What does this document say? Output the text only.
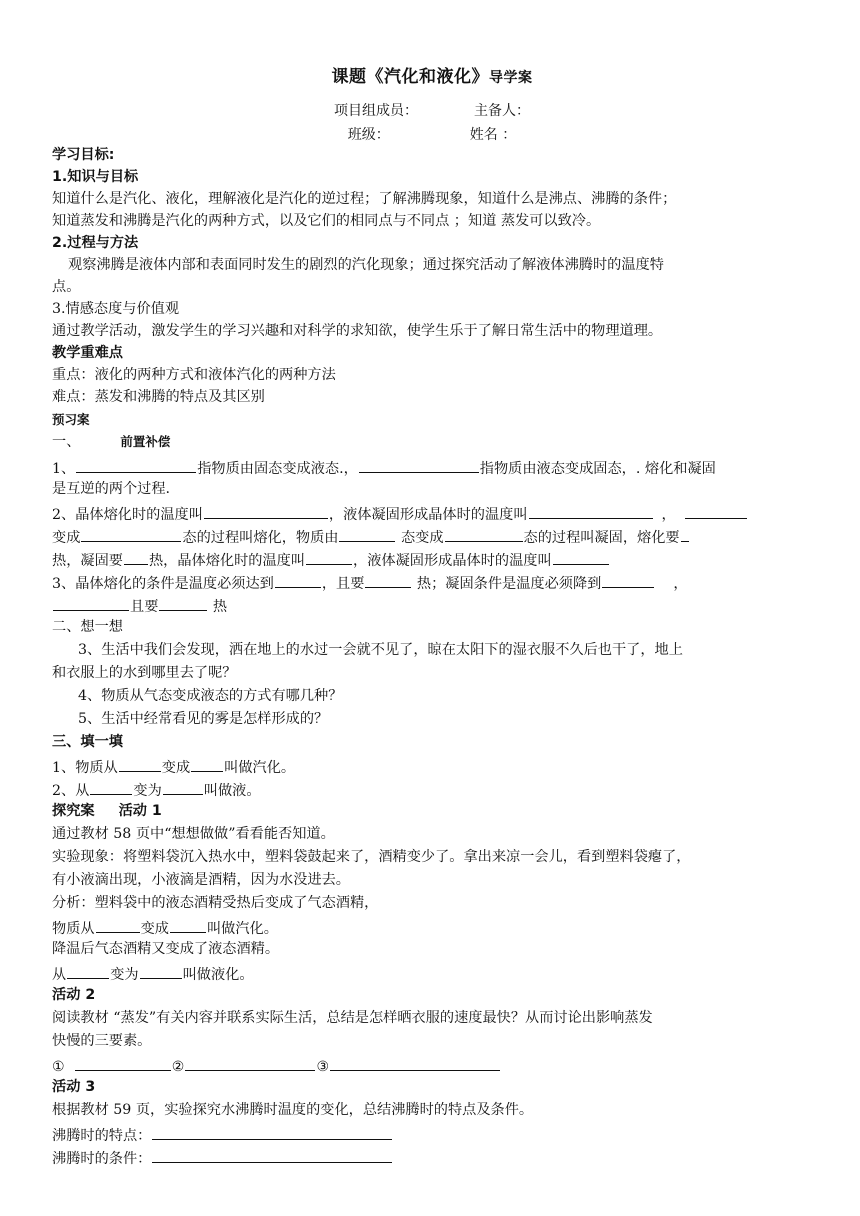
课题《汽化和液化》导学案
项目组成员：	主备人：
班级：	姓名 ：
学习目标:
1.知识与目标
知道什么是汽化、液化，理解液化是汽化的逆过程；了解沸腾现象，知道什么是沸点、沸腾的条件；
知道蒸发和沸腾是汽化的两种方式，以及它们的相同点与不同点 ；知道 蒸发可以致冷。
2.过程与方法
观察沸腾是液体内部和表面同时发生的剧烈的汽化现象；通过探究活动了解液体沸腾时的温度特
点。
3.情感态度与价值观
通过教学活动，激发学生的学习兴趣和对科学的求知欲，使学生乐于了解日常生活中的物理道理。
教学重难点
重点：液化的两种方式和液体汽化的两种方法
难点：蒸发和沸腾的特点及其区别
预习案
一、	前置补偿
1、	指物质由固态变成液态.，	指物质由液态变成固态，. 熔化和凝固
是互逆的两个过程.
2、晶体熔化时的温度叫	，液体凝固形成晶体时的温度叫	，
变成	态的过程叫熔化，物质由	态变成	态的过程叫凝固，熔化要
热，凝固要 热，晶体熔化时的温度叫	，液体凝固形成晶体时的温度叫
3、晶体熔化的条件是温度必须达到	，且要	热；凝固条件是温度必须降到	，
且要	热
二、想一想
3、生活中我们会发现，洒在地上的水过一会就不见了，晾在太阳下的湿衣服不久后也干了，地上
和衣服上的水到哪里去了呢？
4、物质从气态变成液态的方式有哪几种？
5、生活中经常看见的雾是怎样形成的？
三、填一填
1、物质从	变成 叫做汽化。
2、从	变为	叫做液。
探究案 活动 1
通过教材 58 页中“想想做做”看看能否知道。
实验现象：将塑料袋沉入热水中，塑料袋鼓起来了，酒精变少了。拿出来凉一会儿，看到塑料袋瘪了，
有小液滴出现，小液滴是酒精，因为水没进去。
分析：塑料袋中的液态酒精受热后变成了气态酒精，
物质从	变成	叫做汽化。
降温后气态酒精又变成了液态酒精。
从	变为	叫做液化。
活动 2
阅读教材 “蒸发”有关内容并联系实际生活，总结是怎样晒衣服的速度最快？从而讨论出影响蒸发
快慢的三要素。
①	②	③
活动 3
根据教材 59 页，实验探究水沸腾时温度的变化，总结沸腾时的特点及条件。
沸腾时的特点：
沸腾时的条件：
